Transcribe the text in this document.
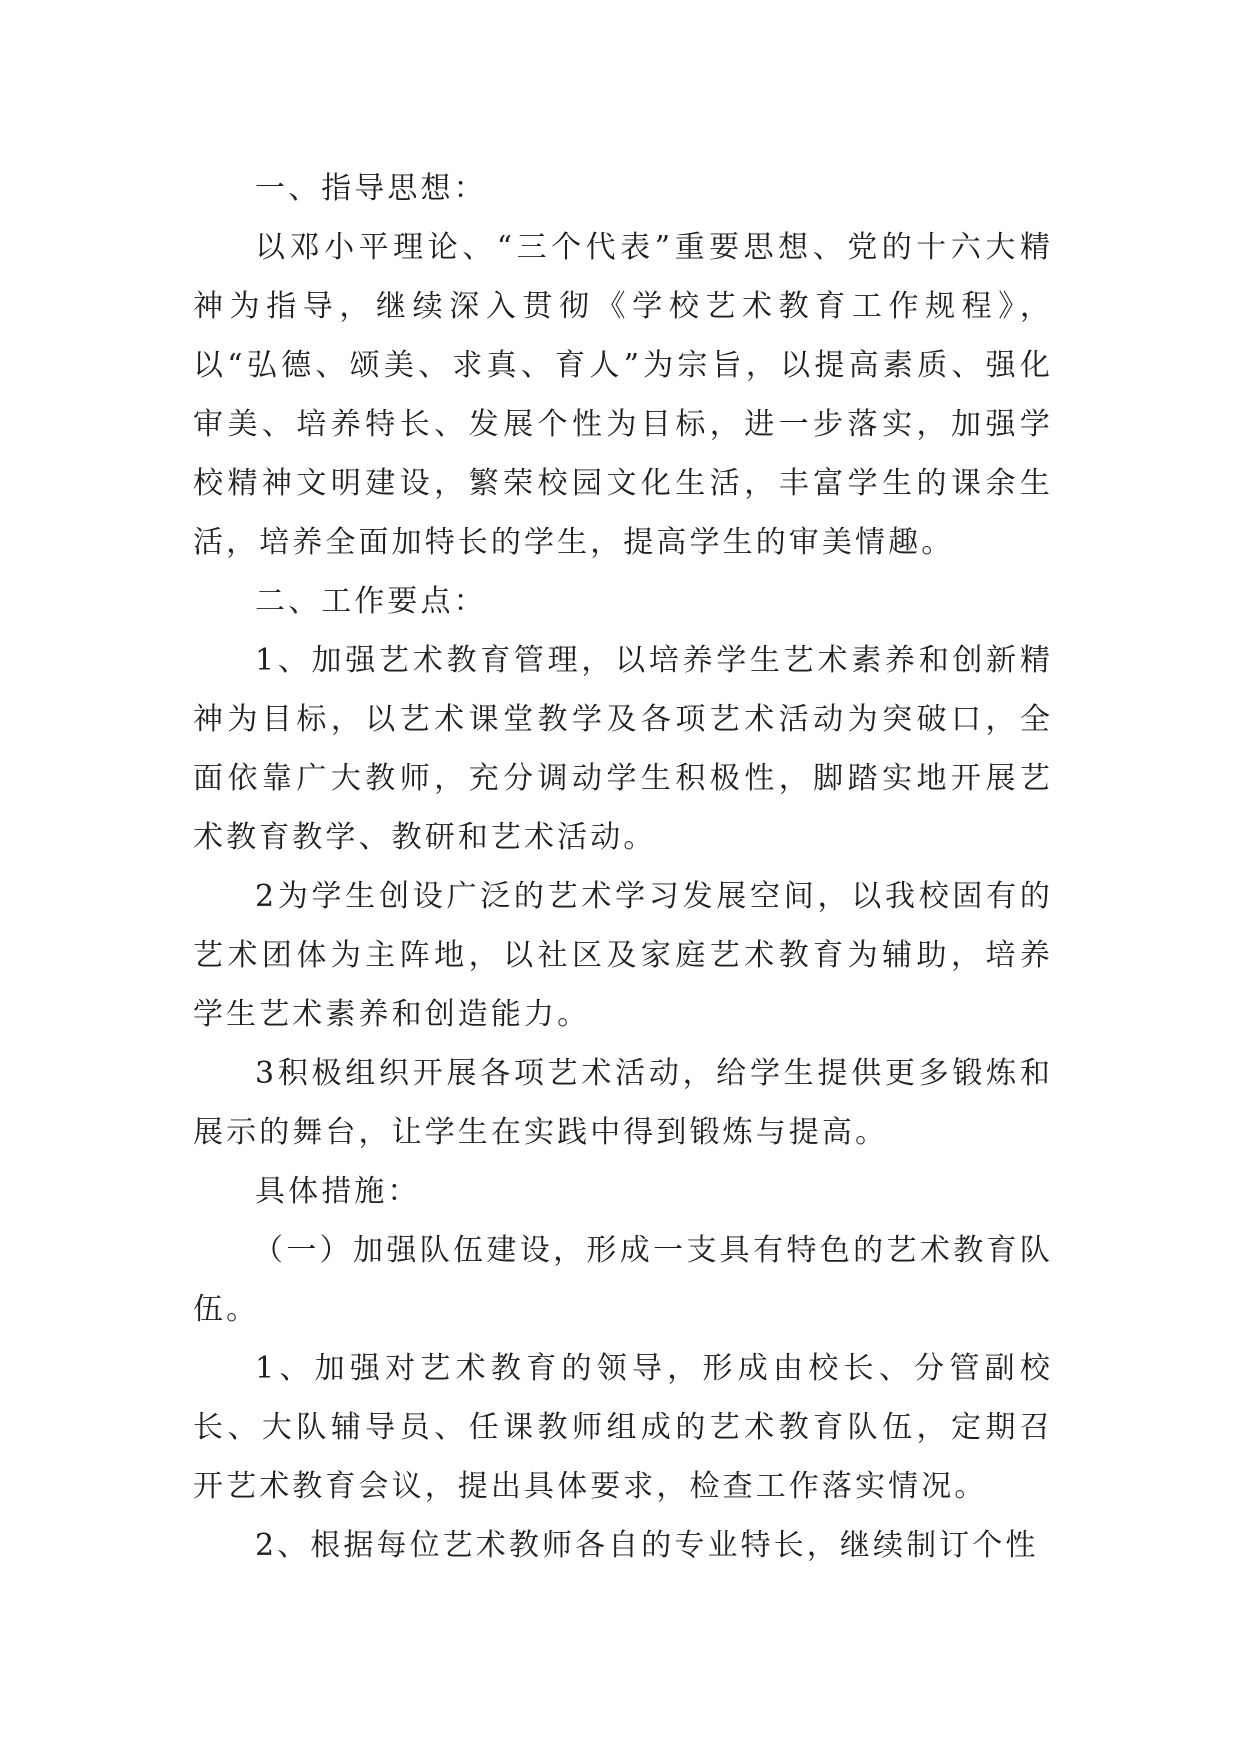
一、指导思想：

以邓小平理论、“三个代表”重要思想、党的十六大精神为指导，继续深入贯彻《学校艺术教育工作规程》，以“弘德、颂美、求真、育人”为宗旨，以提高素质、强化审美、培养特长、发展个性为目标，进一步落实，加强学校精神文明建设，繁荣校园文化生活，丰富学生的课余生活，培养全面加特长的学生，提高学生的审美情趣。

二、工作要点：

1、加强艺术教育管理，以培养学生艺术素养和创新精神为目标，以艺术课堂教学及各项艺术活动为突破口，全面依靠广大教师，充分调动学生积极性，脚踏实地开展艺术教育教学、教研和艺术活动。

2为学生创设广泛的艺术学习发展空间，以我校固有的艺术团体为主阵地，以社区及家庭艺术教育为辅助，培养学生艺术素养和创造能力。

3积极组织开展各项艺术活动，给学生提供更多锻炼和展示的舞台，让学生在实践中得到锻炼与提高。

具体措施：

（一）加强队伍建设，形成一支具有特色的艺术教育队伍。

1、加强对艺术教育的领导，形成由校长、分管副校长、大队辅导员、任课教师组成的艺术教育队伍，定期召开艺术教育会议，提出具体要求，检查工作落实情况。

2、根据每位艺术教师各自的专业特长，继续制订个性
